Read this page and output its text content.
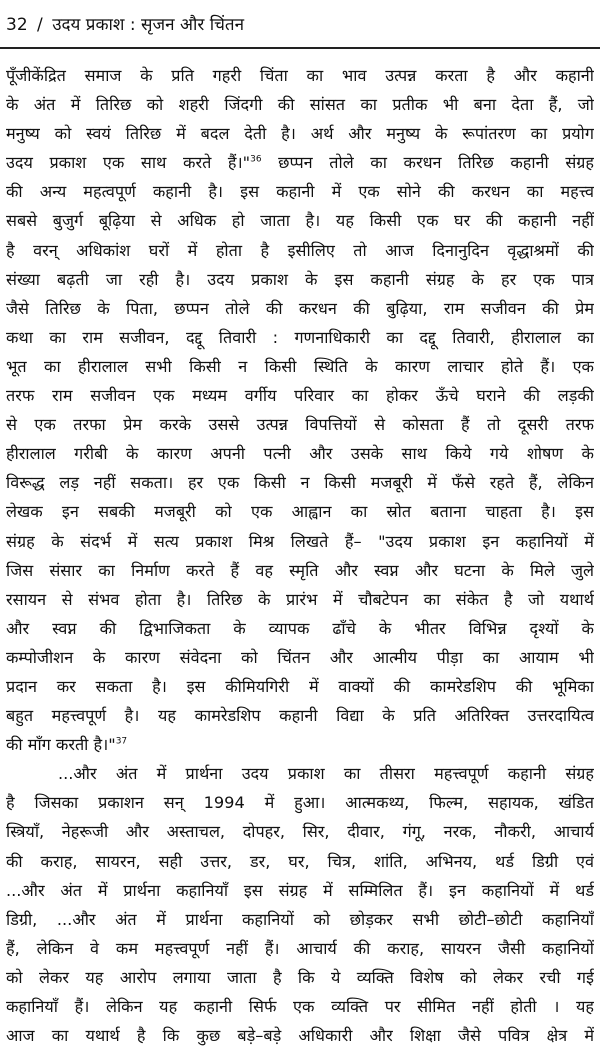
32 / उदय प्रकाश : सृजन और चिंतन
पूँजीकेंद्रित समाज के प्रति गहरी चिंता का भाव उत्पन्न करता है और कहानी
के अंत में तिरिछ को शहरी जिंदगी की सांसत का प्रतीक भी बना देता हैं, जो
मनुष्य को स्वयं तिरिछ में बदल देती है। अर्थ और मनुष्य के रूपांतरण का प्रयोग
उदय प्रकाश एक साथ करते हैं।"$^{36}$ छप्पन तोले का करधन तिरिछ कहानी संग्रह
की अन्य महत्वपूर्ण कहानी है। इस कहानी में एक सोने की करधन का महत्त्व
सबसे बुजुर्ग बूढ़िया से अधिक हो जाता है। यह किसी एक घर की कहानी नहीं
है वरन् अधिकांश घरों में होता है इसीलिए तो आज दिनानुदिन वृद्धाश्रमों की
संख्या बढ़ती जा रही है। उदय प्रकाश के इस कहानी संग्रह के हर एक पात्र
जैसे तिरिछ के पिता, छप्पन तोले की करधन की बुढ़िया, राम सजीवन की प्रेम
कथा का राम सजीवन, दद्दू तिवारी : गणनाधिकारी का दद्दू तिवारी, हीरालाल का
भूत का हीरालाल सभी किसी न किसी स्थिति के कारण लाचार होते हैं। एक
तरफ राम सजीवन एक मध्यम वर्गीय परिवार का होकर ऊँचे घराने की लड़की
से एक तरफा प्रेम करके उससे उत्पन्न विपत्तियों से कोसता हैं तो दूसरी तरफ
हीरालाल गरीबी के कारण अपनी पत्नी और उसके साथ किये गये शोषण के
विरूद्ध लड़ नहीं सकता। हर एक किसी न किसी मजबूरी में फँसे रहते हैं, लेकिन
लेखक इन सबकी मजबूरी को एक आह्वान का स्रोत बताना चाहता है। इस
संग्रह के संदर्भ में सत्य प्रकाश मिश्र लिखते हैं– "उदय प्रकाश इन कहानियों में
जिस संसार का निर्माण करते हैं वह स्मृति और स्वप्न और घटना के मिले जुले
रसायन से संभव होता है। तिरिछ के प्रारंभ में चौबटेपन का संकेत है जो यथार्थ
और स्वप्न की द्विभाजिकता के व्यापक ढाँचे के भीतर विभिन्न दृश्यों के
कम्पोजीशन के कारण संवेदना को चिंतन और आत्मीय पीड़ा का आयाम भी
प्रदान कर सकता है। इस कीमियगिरी में वाक्यों की कामरेडशिप की भूमिका
बहुत महत्त्वपूर्ण है। यह कामरेडशिप कहानी विद्या के प्रति अतिरिक्त उत्तरदायित्व
की माँग करती है।"$^{37}$
...और अंत में प्रार्थना उदय प्रकाश का तीसरा महत्त्वपूर्ण कहानी संग्रह
है जिसका प्रकाशन सन् 1994 में हुआ। आत्मकथ्य, फिल्म, सहायक, खंडित
स्त्रियाँ, नेहरूजी और अस्ताचल, दोपहर, सिर, दीवार, गंगू, नरक, नौकरी, आचार्य
की कराह, सायरन, सही उत्तर, डर, घर, चित्र, शांति, अभिनय, थर्ड डिग्री एवं
...और अंत में प्रार्थना कहानियाँ इस संग्रह में सम्मिलित हैं। इन कहानियों में थर्ड
डिग्री, ...और अंत में प्रार्थना कहानियों को छोड़कर सभी छोटी–छोटी कहानियाँ
हैं, लेकिन वे कम महत्त्वपूर्ण नहीं हैं। आचार्य की कराह, सायरन जैसी कहानियों
को लेकर यह आरोप लगाया जाता है कि ये व्यक्ति विशेष को लेकर रची गई
कहानियाँ हैं। लेकिन यह कहानी सिर्फ एक व्यक्ति पर सीमित नहीं होती । यह
आज का यथार्थ है कि कुछ बड़े–बड़े अधिकारी और शिक्षा जैसे पवित्र क्षेत्र में
